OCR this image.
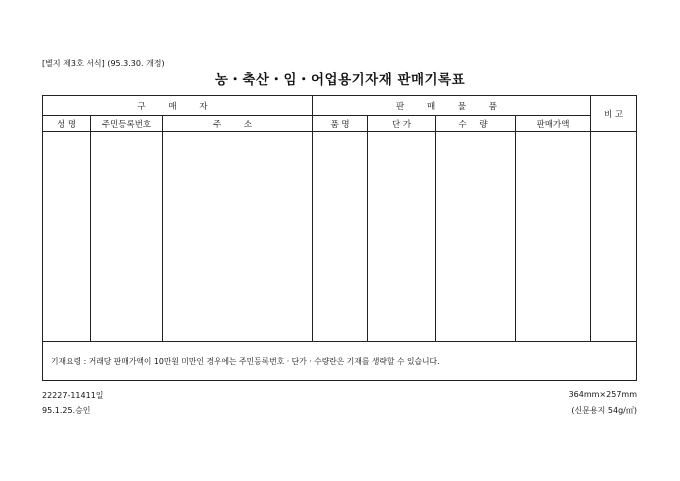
[별지 제3호 서식] (95.3.30. 개정)
농・축산・임・어업용기자재 판매기록표
구 매 자			판 매 물 품				비 고
성 명	주민등록번호	주 소	품 명	단 가	수 량	판매가액	

기재요령 : 거래당 판매가액이 10만원 미만인 경우에는 주민등록번호 · 단가 · 수량란은 기재를 생략할 수 있습니다.							
22227-11411일
95.1.25.승인
364mm×257mm
(신문용지 54g/㎡)
